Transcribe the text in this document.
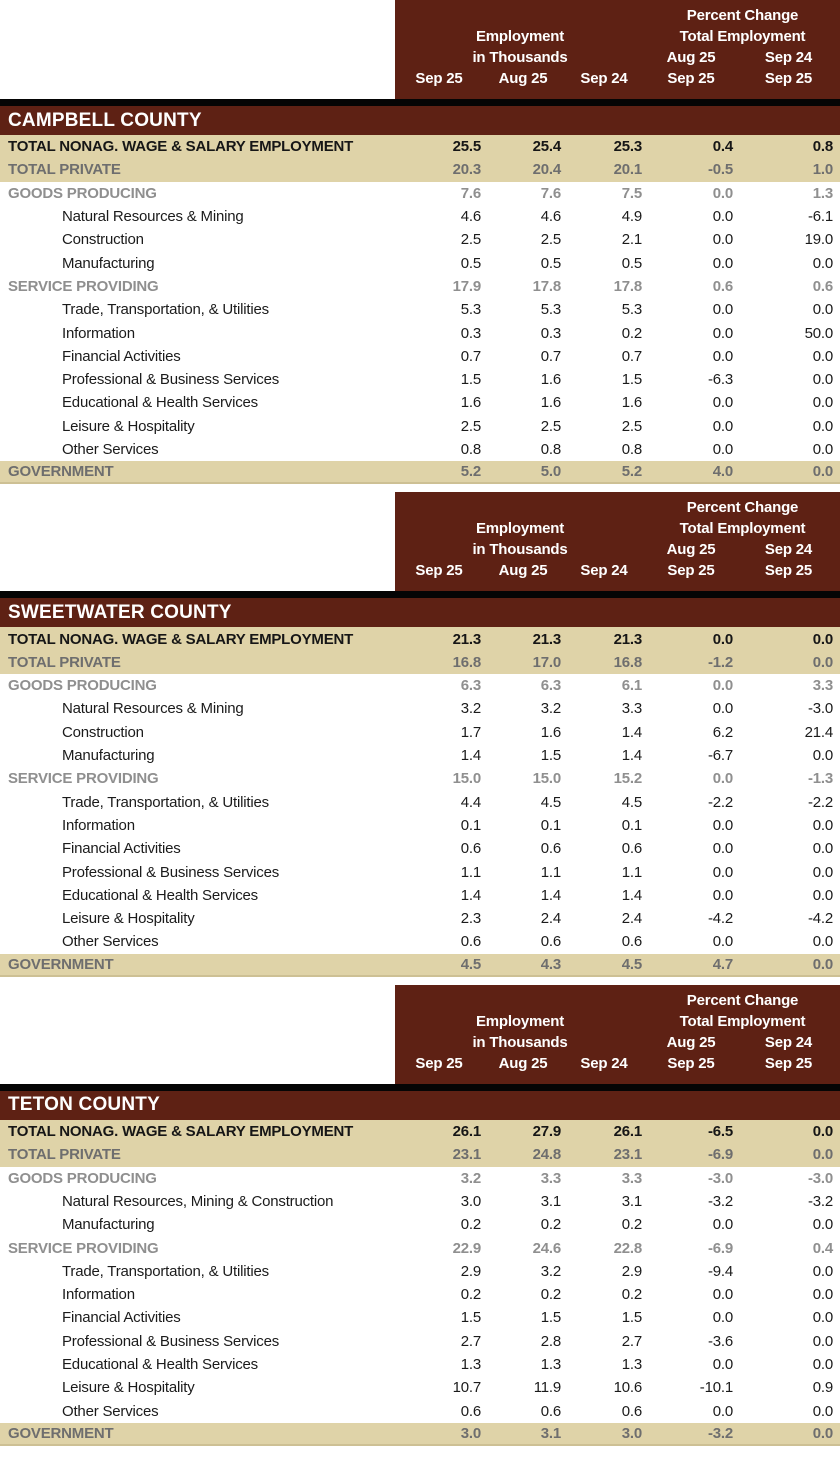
Employment
in Thousands
Sep 25	Aug 25	Sep 24
Percent Change
Total Employment
Aug 25	Sep 24
Sep 25	Sep 25
CAMPBELL COUNTY
TOTAL NONAG. WAGE & SALARY EMPLOYMENT	25.5	25.4	25.3	0.4	0.8
TOTAL PRIVATE	20.3	20.4	20.1	-0.5	1.0
GOODS PRODUCING	7.6	7.6	7.5	0.0	1.3
Natural Resources & Mining	4.6	4.6	4.9	0.0	-6.1
Construction	2.5	2.5	2.1	0.0	19.0
Manufacturing	0.5	0.5	0.5	0.0	0.0
SERVICE PROVIDING	17.9	17.8	17.8	0.6	0.6
Trade, Transportation, & Utilities	5.3	5.3	5.3	0.0	0.0
Information	0.3	0.3	0.2	0.0	50.0
Financial Activities	0.7	0.7	0.7	0.0	0.0
Professional & Business Services	1.5	1.6	1.5	-6.3	0.0
Educational & Health Services	1.6	1.6	1.6	0.0	0.0
Leisure & Hospitality	2.5	2.5	2.5	0.0	0.0
Other Services	0.8	0.8	0.8	0.0	0.0
GOVERNMENT	5.2	5.0	5.2	4.0	0.0
Employment
in Thousands
Sep 25	Aug 25	Sep 24
Percent Change
Total Employment
Aug 25	Sep 24
Sep 25	Sep 25
SWEETWATER COUNTY
TOTAL NONAG. WAGE & SALARY EMPLOYMENT	21.3	21.3	21.3	0.0	0.0
TOTAL PRIVATE	16.8	17.0	16.8	-1.2	0.0
GOODS PRODUCING	6.3	6.3	6.1	0.0	3.3
Natural Resources & Mining	3.2	3.2	3.3	0.0	-3.0
Construction	1.7	1.6	1.4	6.2	21.4
Manufacturing	1.4	1.5	1.4	-6.7	0.0
SERVICE PROVIDING	15.0	15.0	15.2	0.0	-1.3
Trade, Transportation, & Utilities	4.4	4.5	4.5	-2.2	-2.2
Information	0.1	0.1	0.1	0.0	0.0
Financial Activities	0.6	0.6	0.6	0.0	0.0
Professional & Business Services	1.1	1.1	1.1	0.0	0.0
Educational & Health Services	1.4	1.4	1.4	0.0	0.0
Leisure & Hospitality	2.3	2.4	2.4	-4.2	-4.2
Other Services	0.6	0.6	0.6	0.0	0.0
GOVERNMENT	4.5	4.3	4.5	4.7	0.0
Employment
in Thousands
Sep 25	Aug 25	Sep 24
Percent Change
Total Employment
Aug 25	Sep 24
Sep 25	Sep 25
TETON COUNTY
TOTAL NONAG. WAGE & SALARY EMPLOYMENT	26.1	27.9	26.1	-6.5	0.0
TOTAL PRIVATE	23.1	24.8	23.1	-6.9	0.0
GOODS PRODUCING	3.2	3.3	3.3	-3.0	-3.0
Natural Resources, Mining & Construction	3.0	3.1	3.1	-3.2	-3.2
Manufacturing	0.2	0.2	0.2	0.0	0.0
SERVICE PROVIDING	22.9	24.6	22.8	-6.9	0.4
Trade, Transportation, & Utilities	2.9	3.2	2.9	-9.4	0.0
Information	0.2	0.2	0.2	0.0	0.0
Financial Activities	1.5	1.5	1.5	0.0	0.0
Professional & Business Services	2.7	2.8	2.7	-3.6	0.0
Educational & Health Services	1.3	1.3	1.3	0.0	0.0
Leisure & Hospitality	10.7	11.9	10.6	-10.1	0.9
Other Services	0.6	0.6	0.6	0.0	0.0
GOVERNMENT	3.0	3.1	3.0	-3.2	0.0
